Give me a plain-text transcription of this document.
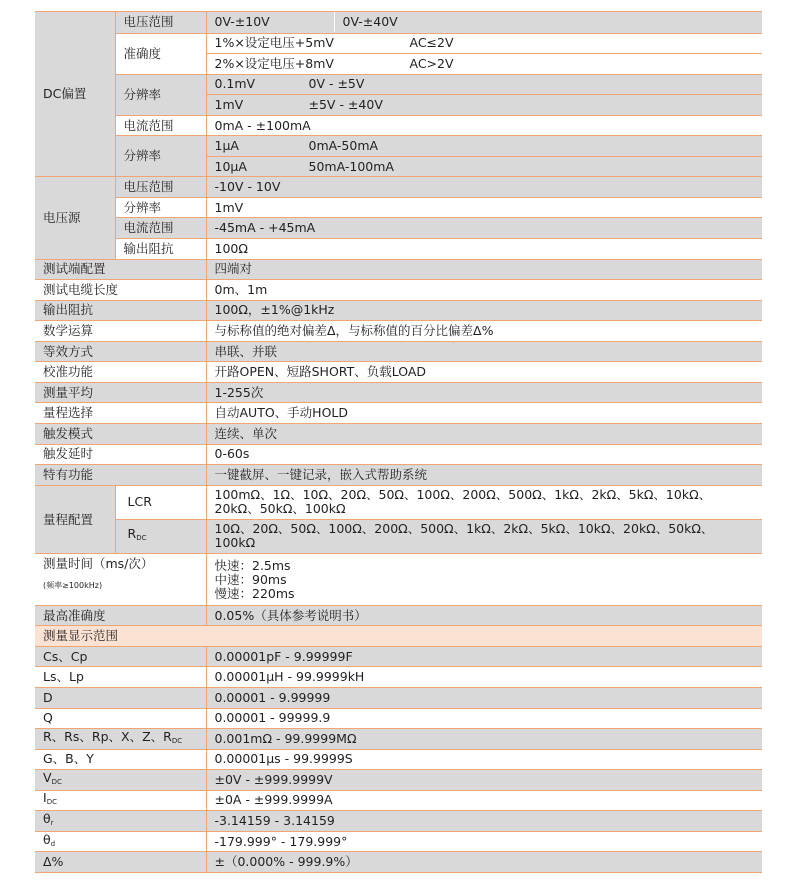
DC偏置	电压范围	0V-±10V 0V-±40V
	准确度	1%×设定电压+5mV AC≤2V
		2%×设定电压+8mV AC>2V
	分辨率	0.1mV 0V - ±5V
		1mV ±5V - ±40V
	电流范围	0mA - ±100mA
	分辨率	1μA 0mA-50mA
		10μA 50mA-100mA
电压源	电压范围	-10V - 10V
	分辨率	1mV
	电流范围	-45mA - +45mA
	输出阻抗	100Ω
测试端配置		四端对
测试电缆长度		0m、1m
输出阻抗		100Ω，±1%@1kHz
数学运算		与标称值的绝对偏差Δ，与标称值的百分比偏差Δ%
等效方式		串联、并联
校准功能		开路OPEN、短路SHORT、负载LOAD
测量平均		1-255次
量程选择		自动AUTO、手动HOLD
触发模式		连续、单次
触发延时		0-60s
特有功能		一键截屏、一键记录，嵌入式帮助系统
量程配置	LCR	100mΩ、1Ω、10Ω、20Ω、50Ω、100Ω、200Ω、500Ω、1kΩ、2kΩ、5kΩ、10kΩ、
20kΩ、50kΩ、100kΩ

	$R_{DC}$	10Ω、20Ω、50Ω、100Ω、200Ω、500Ω、1kΩ、2kΩ、5kΩ、10kΩ、20kΩ、50kΩ、
100kΩ

测量时间（ms/次）
(频率≥100kHz)		快速：2.5ms
中速：90ms
慢速：220ms

最高准确度		0.05%（具体参考说明书）
测量显示范围		
Cs、Cp		0.00001pF - 9.99999F
Ls、Lp		0.00001μH - 99.9999kH
D		0.00001 - 9.99999
Q		0.00001 - 99999.9
R、Rs、Rp、X、Z、$R_{DC}$		0.001mΩ - 99.9999MΩ
G、B、Y		0.00001μs - 99.9999S
$V_{DC}$		±0V - ±999.9999V
$I_{DC}$		±0A - ±999.9999A
$\theta_r$		-3.14159 - 3.14159
$\theta_d$		-179.999° - 179.999°
Δ%		±（0.000% - 999.9%）
